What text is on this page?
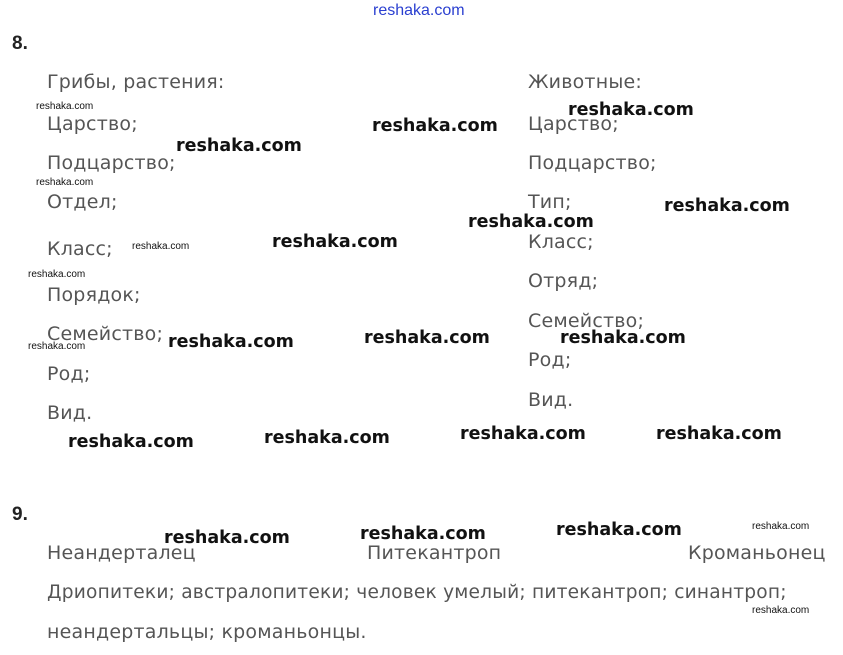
reshaka.com
8.
Грибы, растения:
Царство;
Подцарство;
Отдел;
Класс;
Порядок;
Семейство;
Род;
Вид.
Животные:
Царство;
Подцарство;
Тип;
Класс;
Отряд;
Семейство;
Род;
Вид.
9.
Неандерталец	Питекантроп	Кроманьонец
Дриопитеки; австралопитеки; человек умелый; питекантроп; синантроп;
неандертальцы; кроманьонцы.
reshaka.com
reshaka.com
reshaka.com
reshaka.com
reshaka.com
reshaka.com
reshaka.com	reshaka.com
reshaka.com
reshaka.com	reshaka.com
reshaka.com
reshaka.com
reshaka.com
reshaka.com
reshaka.com
reshaka.com
reshaka.com
reshaka.com
reshaka.com
reshaka.com
reshaka.com
reshaka.com
